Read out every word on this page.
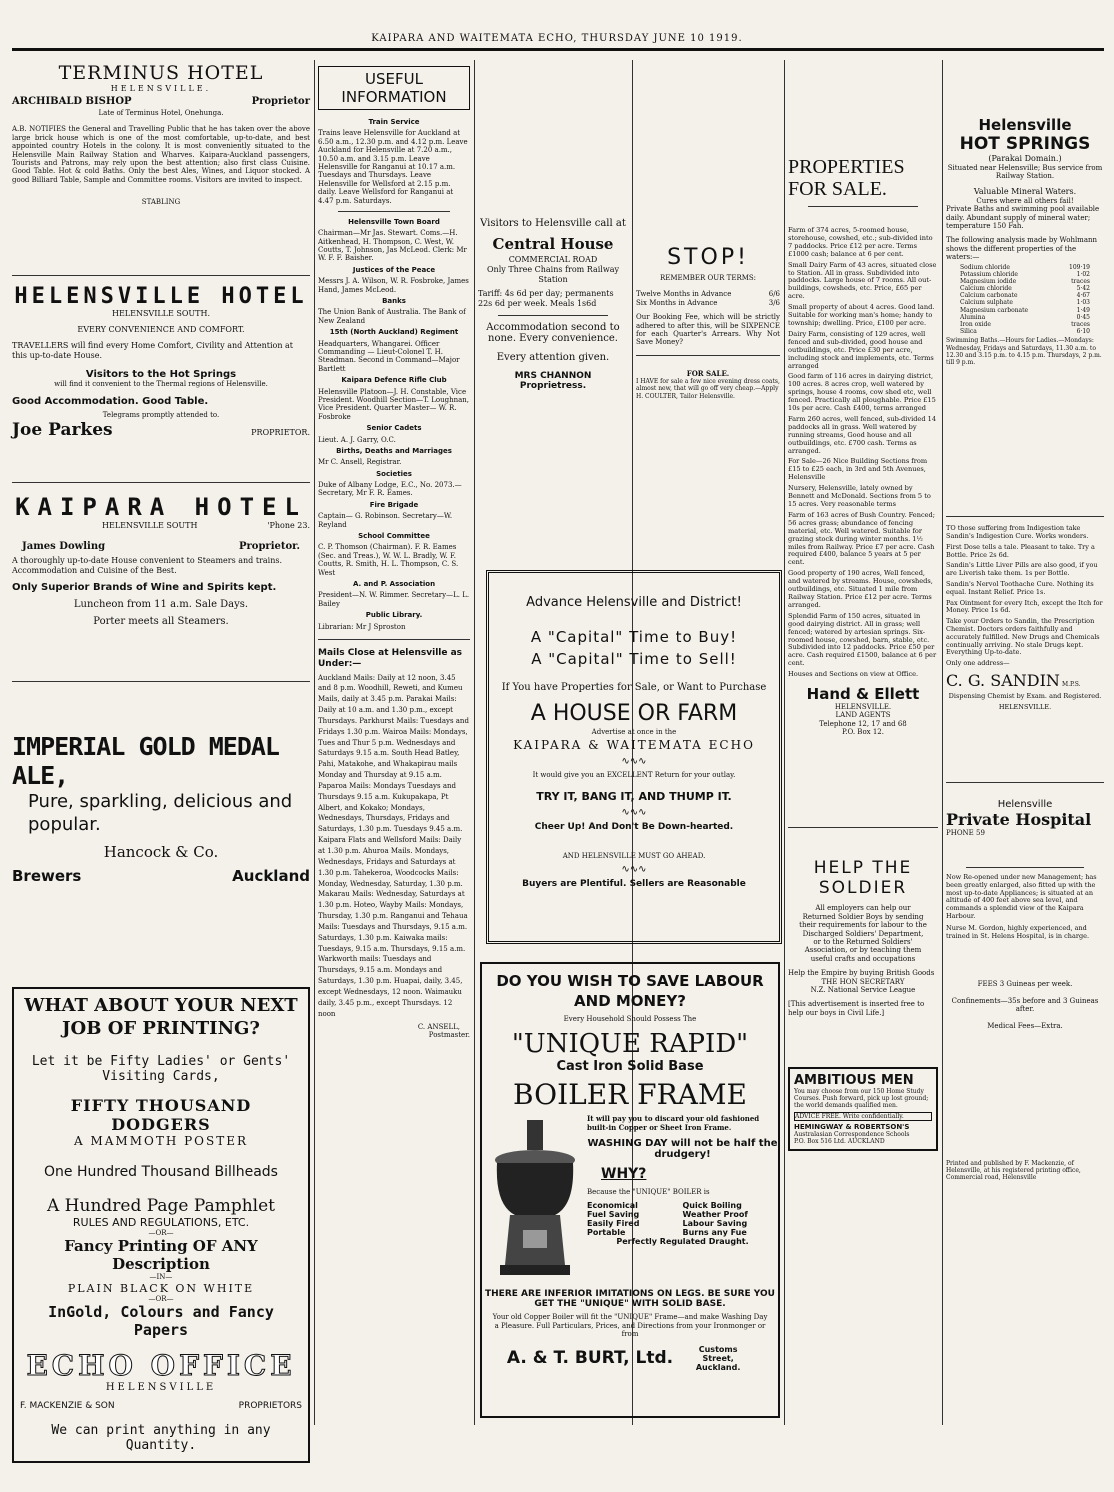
KAIPARA AND WAITEMATA ECHO, THURSDAY JUNE 10 1919.
TERMINUS HOTEL
HELENSVILLE.
ARCHIBALD BISHOP	Proprietor
Late of Terminus Hotel, Onehunga.
A.B. NOTIFIES the General and Travelling Public that he has taken over the above large brick house which is one of the most comfortable, up-to-date, and best appointed country Hotels in the colony. It is most conveniently situated to the Helensville Main Railway Station and Wharves. Kaipara-Auckland passengers, Tourists and Patrons, may rely upon the best attention; also first class Cuisine. Good Table. Hot & cold Baths. Only the best Ales, Wines, and Liquor stocked. A good Billiard Table, Sample and Committee rooms. Visitors are invited to inspect.
STABLING
HELENSVILLE HOTEL
HELENSVILLE SOUTH.
EVERY CONVENIENCE AND COMFORT.
TRAVELLERS will find every Home Comfort, Civility and Attention at this up-to-date House.
Visitors to the Hot Springs
will find it convenient to the Thermal regions of Helensville.
Good Accommodation. Good Table.
Telegrams promptly attended to.
Joe Parkes	PROPRIETOR.
KAIPARA HOTEL
HELENSVILLE SOUTH	'Phone 23.
James Dowling	Proprietor.
A thoroughly up-to-date House convenient to Steamers and trains. Accommodation and Cuisine of the Best.
Only Superior Brands of Wine and Spirits kept.
Luncheon from 11 a.m. Sale Days.
Porter meets all Steamers.
IMPERIAL GOLD MEDAL ALE,
Pure, sparkling, delicious and popular.
Hancock & Co.
Brewers	Auckland
WHAT ABOUT YOUR NEXT JOB OF PRINTING?
Let it be Fifty Ladies' or Gents' Visiting Cards,
FIFTY THOUSAND DODGERS
A MAMMOTH POSTER
One Hundred Thousand Billheads
A Hundred Page Pamphlet
RULES AND REGULATIONS, ETC.
—OR—
Fancy Printing OF ANY Description
—IN—
PLAIN BLACK ON WHITE
—OR—
InGold, Colours and Fancy Papers
ECHO OFFICE
HELENSVILLE
F. MACKENZIE & SON	PROPRIETORS
We can print anything in any Quantity.
USEFUL INFORMATION
Train Service

Trains leave Helensville for Auckland at 6.50 a.m., 12.30 p.m. and 4.12 p.m. Leave Auckland for Helensville at 7.20 a.m., 10.50 a.m. and 3.15 p.m. Leave Helensville for Ranganui at 10.17 a.m. Tuesdays and Thursdays. Leave Helensville for Wellsford at 2.15 p.m. daily. Leave Wellsford for Ranganui at 4.47 p.m. Saturdays.

Helensville Town Board

Chairman—Mr Jas. Stewart. Coms.—H. Aitkenhead, H. Thompson, C. West, W. Coutts, T. Johnson, Jas McLeod. Clerk: Mr W. F. F. Baisher.

Justices of the Peace

Messrs J. A. Wilson, W. R. Fosbroke, James Hand, James McLeod.

Banks

The Union Bank of Australia. The Bank of New Zealand

15th (North Auckland) Regiment

Headquarters, Whangarei. Officer Commanding — Lieut-Colonel T. H. Steadman. Second in Command—Major Bartlett

Kaipara Defence Rifle Club

Helensville Platoon—J. H. Constable, Vice President. Woodhill Section—T. Loughnan, Vice President. Quarter Master— W. R. Fosbroke

Senior Cadets

Lieut. A. J. Garry, O.C.

Births, Deaths and Marriages

Mr C. Ansell, Registrar.

Societies

Duke of Albany Lodge, E.C., No. 2073.—Secretary, Mr F. R. Eames.

Fire Brigade

Captain— G. Robinson. Secretary—W. Reyland

School Committee

C. P. Thomson (Chairman). F. R. Eames (Sec. and Treas.), W. W. L. Bradly, W. F. Coutts, R. Smith, H. L. Thompson, C. S. West

A. and P. Association

President—N. W. Rimmer. Secretary—L. L. Bailey

Public Library.

Librarian: Mr J Sproston

Mails Close at Helensville as Under:—

Auckland Mails: Daily at 12 noon, 3.45 and 8 p.m. Woodhill, Reweti, and Kumeu Mails, daily at 3.45 p.m. Parakai Mails: Daily at 10 a.m. and 1.30 p.m., except Thursdays. Parkhurst Mails: Tuesdays and Fridays 1.30 p.m. Wairoa Mails: Mondays, Tues and Thur 5 p.m. Wednesdays and Saturdays 9.15 a.m. South Head Batley, Pahi, Matakohe, and Whakapirau mails Monday and Thursday at 9.15 a.m. Paparoa Mails: Mondays Tuesdays and Thursdays 9.15 a.m. Kukupakapa, Pt Albert, and Kokako; Mondays, Wednesdays, Thursdays, Fridays and Saturdays, 1.30 p.m. Tuesdays 9.45 a.m. Kaipara Flats and Wellsford Mails: Daily at 1.30 p.m. Ahuroa Mails. Mondays, Wednesdays, Fridays and Saturdays at 1.30 p.m. Tahekeroa, Woodcocks Mails: Monday, Wednesday, Saturday, 1.30 p.m. Makarau Mails: Wednesday, Saturdays at 1.30 p.m. Hoteo, Wayby Mails: Mondays, Thursday, 1.30 p.m. Ranganui and Tehaua Mails: Tuesdays and Thursdays, 9.15 a.m. Saturdays, 1.30 p.m. Kaiwaka mails: Tuesdays, 9.15 a.m. Thursdays, 9.15 a.m. Warkworth mails: Tuesdays and Thursdays, 9.15 a.m. Mondays and Saturdays, 1.30 p.m. Huapai, daily, 3.45, except Wednesdays, 12 noon. Waimauku daily, 3.45 p.m., except Thursdays. 12 noon

C. ANSELL,
Postmaster.
Visitors to Helensville call at
Central House
COMMERCIAL ROAD
Only Three Chains from Railway Station
Tariff: 4s 6d per day; permanents 22s 6d per week. Meals 1s6d
Accommodation second to none. Every convenience.
Every attention given.
MRS CHANNON
Proprietress.
STOP!
REMEMBER OUR TERMS:
Twelve Months in Advance	6/6
Six Months in Advance	3/6
Our Booking Fee, which will be strictly adhered to after this, will be SIXPENCE for each Quarter's Arrears. Why Not Save Money?
FOR SALE.
I HAVE for sale a few nice evening dress coats, almost new, that will go off very cheap.—Apply H. COULTER, Tailor Helensville.
Advance Helensville and District!
A "Capital" Time to Buy!
A "Capital" Time to Sell!
If You have Properties for Sale, or Want to Purchase
A HOUSE OR FARM
Advertise at once in the
KAIPARA & WAITEMATA ECHO
∿∿∿
It would give you an EXCELLENT Return for your outlay.
TRY IT, BANG IT, AND THUMP IT.
∿∿∿
Cheer Up! And Don't Be Down-hearted.
AND HELENSVILLE MUST GO AHEAD.
∿∿∿
Buyers are Plentiful. Sellers are Reasonable
DO YOU WISH TO SAVE LABOUR AND MONEY?
Every Household Should Possess The
"UNIQUE RAPID"
Cast Iron Solid Base
BOILER FRAME
It will pay you to discard your old fashioned built-in Copper or Sheet Iron Frame.
WASHING DAY will not be half the drudgery!
WHY?
Because the "UNIQUE" BOILER is
Economical	Quick Boiling
Fuel Saving	Weather Proof
Easily Fired	Labour Saving
Portable	Burns any Fue
Perfectly Regulated Draught.
THERE ARE INFERIOR IMITATIONS ON LEGS. BE SURE YOU GET THE "UNIQUE" WITH SOLID BASE.
Your old Copper Boiler will fit the "UNIQUE" Frame—and make Washing Day a Pleasure. Full Particulars, Prices, and Directions from your Ironmonger or from
A. & T. BURT, Ltd.	Customs Street, Auckland.
PROPERTIES FOR SALE.

Farm of 374 acres, 5-roomed house, storehouse, cowshed, etc.; sub-divided into 7 paddocks. Price £12 per acre. Terms £1000 cash; balance at 6 per cent.

Small Dairy Farm of 43 acres, situated close to Station. All in grass. Subdivided into paddocks. Large house of 7 rooms. All out-buildings, cowsheds, etc. Price, £65 per acre.

Small property of about 4 acres. Good land. Suitable for working man's home; handy to township; dwelling. Price, £100 per acre.

Dairy Farm, consisting of 129 acres, well fenced and sub-divided, good house and outbuildings, etc. Price £30 per acre, including stock and implements, etc. Terms arranged

Good farm of 116 acres in dairying district, 100 acres. 8 acres crop, well watered by springs, house 4 rooms, cow shed etc, well fenced. Practically all ploughable. Price £15 10s per acre. Cash £400, terms arranged

Farm 260 acres, well fenced, sub-divided 14 paddocks all in grass. Well watered by running streams, Good house and all outbuildings, etc. £700 cash. Terms as arranged.

For Sale—26 Nice Building Sections from £15 to £25 each, in 3rd and 5th Avenues, Helensville

Nursery, Helensville, lately owned by Bennett and McDonald. Sections from 5 to 15 acres. Very reasonable terms

Farm of 163 acres of Bush Country. Fenced; 56 acres grass; abundance of fencing material, etc. Well watered. Suitable for grazing stock during winter months. 1½ miles from Railway. Price £7 per acre. Cash required £400, balance 5 years at 5 per cent.

Good property of 190 acres, Well fenced, and watered by streams. House, cowsheds, outbuildings, etc. Situated 1 mile from Railway Station. Price £12 per acre. Terms arranged.

Splendid Farm of 150 acres, situated in good dairying district. All in grass; well fenced; watered by artesian springs. Six-roomed house, cowshed, barn, stable, etc. Subdivided into 12 paddocks. Price £50 per acre. Cash required £1500, balance at 6 per cent.

Houses and Sections on view at Office.

Hand & Ellett
HELENSVILLE.
LAND AGENTS
Telephone 12, 17 and 68
P.O. Box 12.
HELP THE SOLDIER
All employers can help our Returned Soldier Boys by sending their requirements for labour to the Discharged Soldiers' Department, or to the Returned Soldiers' Association, or by teaching them useful crafts and occupations
Help the Empire by buying British Goods
THE HON SECRETARY
N.Z. National Service League
[This advertisement is inserted free to help our boys in Civil Life.]
AMBITIOUS MEN
You may choose from our 150 Home Study Courses. Push forward, pick up lost ground; the world demands qualified men.
ADVICE FREE. Write confidentially.
HEMINGWAY & ROBERTSON'S
Australasian Correspondence Schools
P.O. Box 516 Ltd. AUCKLAND
Helensville
HOT SPRINGS
(Parakai Domain.)
Situated near Helensville; Bus service from Railway Station.
Valuable Mineral Waters.
Cures where all others fail!
Private Baths and swimming pool available daily. Abundant supply of mineral water; temperature 150 Fah.
The following analysis made by Wohlmann shows the different properties of the waters:—
Sodium chloride	109·19
Potassium chloride	1·02
Magnesium iodide	traces
Calcium chloride	5·42
Calcium carbonate	4·67
Calcium sulphate	1·03
Magnesium carbonate	1·49
Alumina	0·45
Iron oxide	traces
Silica	6·10
Swimming Baths.—Hours for Ladies.—Mondays: Wednesday, Fridays and Saturdays, 11.30 a.m. to 12.30 and 3.15 p.m. to 4.15 p.m. Thursdays, 2 p.m. till 9 p.m.

TO those suffering from Indigestion take Sandin's Indigestion Cure. Works wonders.

First Dose tells a tale. Pleasant to take. Try a Bottle. Price 2s 6d.

Sandin's Little Liver Pills are also good, if you are Liverish take them. 1s per Bottle.

Sandin's Nervol Toothache Cure. Nothing its equal. Instant Relief. Price 1s.

Pax Ointment for every Itch, except the Itch for Money. Price 1s 6d.

Take your Orders to Sandin, the Prescription Chemist. Doctors orders faithfully and accurately fulfilled. New Drugs and Chemicals continually arriving. No stale Drugs kept. Everything Up-to-date.

Only one address—

C. G. SANDIN M.P.S.

Dispensing Chemist by Exam. and Registered.

HELENSVILLE.

Helensville
Private Hospital
PHONE 59
Now Re-opened under new Management; has been greatly enlarged, also fitted up with the most up-to-date Appliances; is situated at an altitude of 400 feet above sea level, and commands a splendid view of the Kaipara Harbour.
Nurse M. Gordon, highly experienced, and trained in St. Helens Hospital, is in charge.
FEES 3 Guineas per week.
Confinements—35s before and 3 Guineas after.
Medical Fees—Extra.
Printed and published by F. Mackenzie, of Helensville, at his registered printing office, Commercial road, Helensville
